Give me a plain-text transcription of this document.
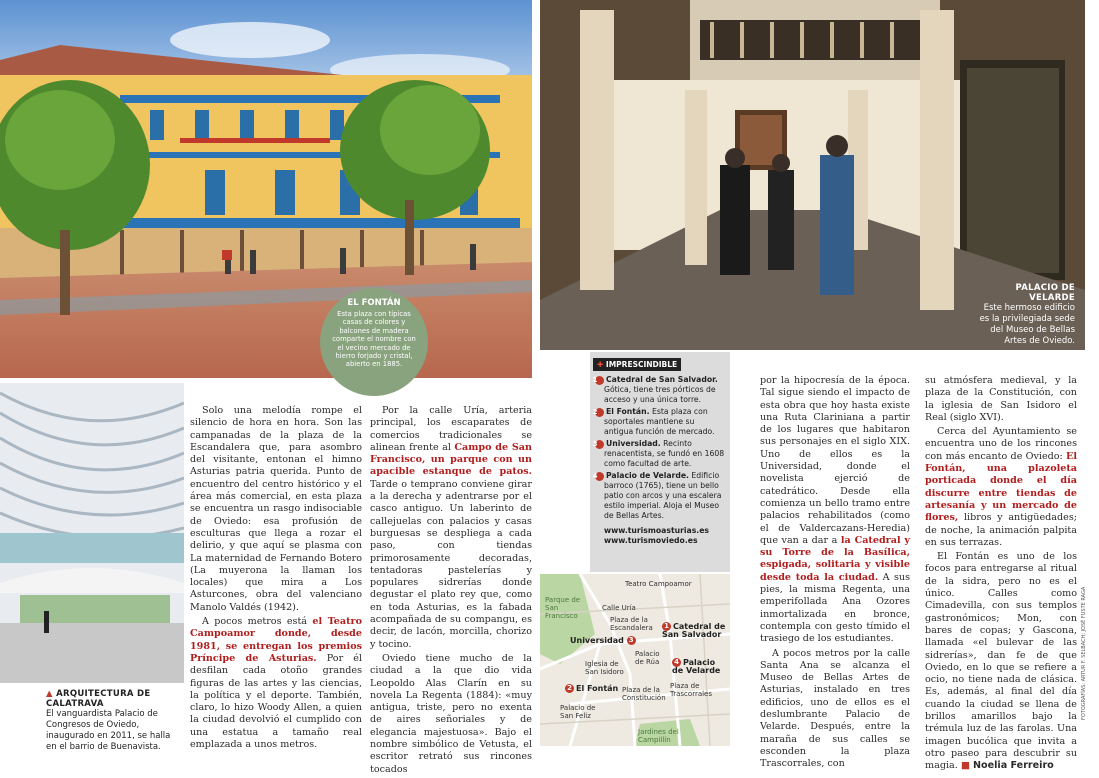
EL FONTÁN
Esta plaza con típicas casas de colores y balcones de madera comparte el nombre con el vecino mercado de hierro forjado y cristal, abierto en 1885.
▲ ARQUITECTURA DE CALATRAVA
El vanguardista Palacio de Congresos de Oviedo, inaugurado en 2011, se halla en el barrio de Buenavista.
PALACIO DE VELARDE
Este hermoso edificio es la privilegiada sede del Museo de Bellas Artes de Oviedo.

Solo una melodía rompe el silencio de hora en hora. Son las campanadas de la plaza de la Escandalera que, para asombro del visitante, entonan el himno Asturias patria querida. Punto de encuentro del centro histórico y el área más comercial, en esta plaza se encuentra un rasgo indisociable de Oviedo: esa profusión de esculturas que llega a rozar el delirio, y que aquí se plasma con La maternidad de Fernando Botero (La muyerona la llaman los locales) que mira a Los Asturcones, obra del valenciano Manolo Valdés (1942).

A pocos metros está el Teatro Campoamor donde, desde 1981, se entregan los premios Príncipe de Asturias. Por él desfilan cada otoño grandes figuras de las artes y las ciencias, la política y el deporte. También, claro, lo hizo Woody Allen, a quien la ciudad devolvió el cumplido con una estatua a tamaño real emplazada a unos metros.

Por la calle Uría, arteria principal, los escaparates de comercios tradicionales se alinean frente al Campo de San Francisco, un parque con un apacible estanque de patos. Tarde o temprano conviene girar a la derecha y adentrarse por el casco antiguo. Un laberinto de callejuelas con palacios y casas burguesas se despliega a cada paso, con tiendas primorosamente decoradas, tentadoras pastelerías y populares sidrerías donde degustar el plato rey que, como en toda Asturias, es la fabada acompañada de su compangu, es decir, de lacón, morcilla, chorizo y tocino.

Oviedo tiene mucho de la ciudad a la que dio vida Leopoldo Alas Clarín en su novela La Regenta (1884): «muy antigua, triste, pero no exenta de aires señoriales y de elegancia majestuosa». Bajo el nombre simbólico de Vetusta, el escritor retrató sus rincones tocados

✚ IMPRESCINDIBLE
1 Catedral de San Salvador. Gótica, tiene tres pórticos de acceso y una única torre.
2 El Fontán. Esta plaza con soportales mantiene su antigua función de mercado.
3 Universidad. Recinto renacentista, se fundó en 1608 como facultad de arte.
4 Palacio de Velarde. Edificio barroco (1765), tiene un bello patio con arcos y una escalera estilo imperial. Aloja el Museo de Bellas Artes.
www.turismoasturias.es
www.turismoviedo.es
Teatro Campoamor
Parque de San Francisco
Calle Uría
Plaza de la Escandalera
Universidad 3
1 Catedral de San Salvador
Iglesia de San Isidoro
Palacio de Rúa	4 Palacio de Velarde
2 El Fontán Plaza de la Constitución
Plaza de Trascorrales
Palacio de San Feliz
Jardines del Campillín

por la hipocresía de la época. Tal sigue siendo el impacto de esta obra que hoy hasta existe una Ruta Clariniana a partir de los lugares que habitaron sus personajes en el siglo XIX. Uno de ellos es la Universidad, donde el novelista ejerció de catedrático. Desde ella comienza un bello tramo entre palacios rehabilitados (como el de Valdercazans-Heredia) que van a dar a la Catedral y su Torre de la Basílica, espigada, solitaria y visible desde toda la ciudad. A sus pies, la misma Regenta, una emperifollada Ana Ozores inmortalizada en bronce, contempla con gesto tímido el trasiego de los estudiantes.

A pocos metros por la calle Santa Ana se alcanza el Museo de Bellas Artes de Asturias, instalado en tres edificios, uno de ellos es el deslumbrante Palacio de Velarde. Después, entre la maraña de sus calles se esconden la plaza Trascorrales, con

su atmósfera medieval, y la plaza de la Constitución, con la iglesia de San Isidoro el Real (siglo XVI).

Cerca del Ayuntamiento se encuentra uno de los rincones con más encanto de Oviedo: El Fontán, una plazoleta porticada donde el día discurre entre tiendas de artesanía y un mercado de flores, libros y antigüedades; de noche, la animación palpita en sus terrazas.

El Fontán es uno de los focos para entregarse al ritual de la sidra, pero no es el único. Calles como Cimadevilla, con sus templos gastronómicos; Mon, con bares de copas; y Gascona, llamada «el bulevar de las sidrerías», dan fe de que Oviedo, en lo que se refiere a ocio, no tiene nada de clásica. Es, además, al final del día cuando la ciudad se llena de brillos amarillos bajo la trémula luz de las farolas. Una imagen bucólica que invita a otro paseo para descubrir su magia. ■ Noelia Ferreiro

FOTOGRAFÍAS: ARTUR F. SELBACH; JOSÉ FUSTE RAGA
